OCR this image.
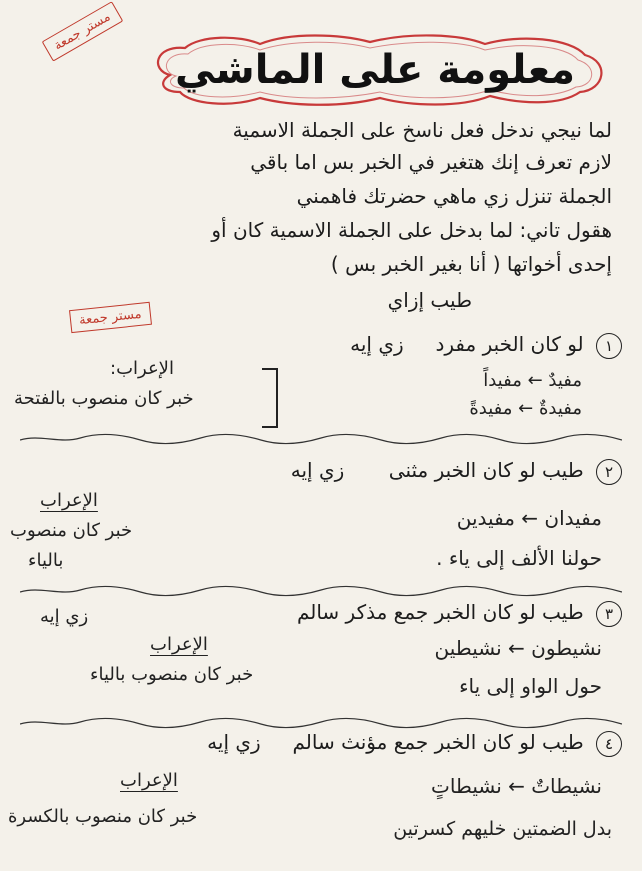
مستر جمعة
معلومة على الماشي
لما نيجي ندخل فعل ناسخ على الجملة الاسمية
لازم تعرف إنك هتغير في الخبر بس اما باقي
الجملة تنزل زي ماهي حضرتك فاهمني
هقول تاني: لما بدخل على الجملة الاسمية كان أو
إحدى أخواتها ( أنا بغير الخبر بس )
طيب إزاي
مستر جمعة
١ لو كان الخبر مفرد     زي إيه
مفيدٌ ← مفيداً
مفيدةٌ ← مفيدةً
الإعراب:
خبر كان منصوب بالفتحة
٢ طيب لو كان الخبر مثنى       زي إيه
مفيدان ← مفيدين
حولنا الألف إلى ياء .
الإعراب
خبر كان منصوب
بالياء
٣ طيب لو كان الخبر جمع مذكر سالم
زي إيه
نشيطون ← نشيطين
حول الواو إلى ياء
الإعراب
خبر كان منصوب بالياء
٤ طيب لو كان الخبر جمع مؤنث سالم     زي إيه
نشيطاتٌ ← نشيطاتٍ
الإعراب
بدل الضمتين خليهم كسرتين
خبر كان منصوب بالكسرة
